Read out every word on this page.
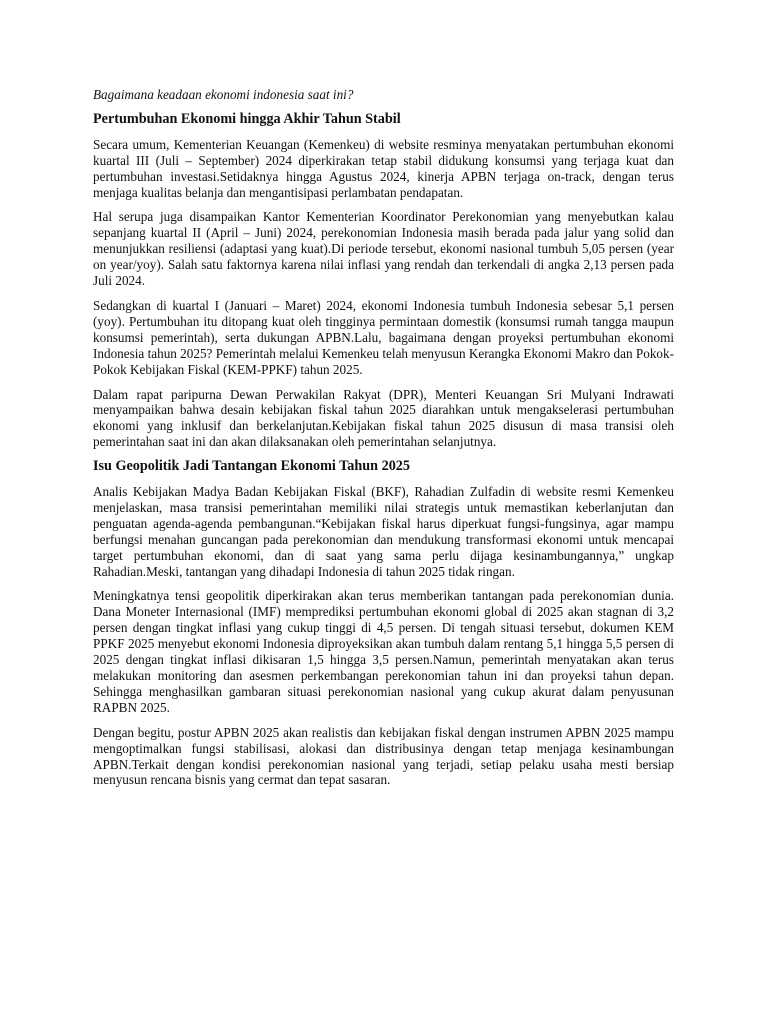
Bagaimana keadaan ekonomi indonesia saat ini?

Pertumbuhan Ekonomi hingga Akhir Tahun Stabil

Secara umum, Kementerian Keuangan (Kemenkeu) di website resminya menyatakan pertumbuhan ekonomi kuartal III (Juli – September) 2024 diperkirakan tetap stabil didukung konsumsi yang terjaga kuat dan pertumbuhan investasi.Setidaknya hingga Agustus 2024, kinerja APBN terjaga on-track, dengan terus menjaga kualitas belanja dan mengantisipasi perlambatan pendapatan.

Hal serupa juga disampaikan Kantor Kementerian Koordinator Perekonomian yang menyebutkan kalau sepanjang kuartal II (April – Juni) 2024, perekonomian Indonesia masih berada pada jalur yang solid dan menunjukkan resiliensi (adaptasi yang kuat).Di periode tersebut, ekonomi nasional tumbuh 5,05 persen (year on year/yoy). Salah satu faktornya karena nilai inflasi yang rendah dan terkendali di angka 2,13 persen pada Juli 2024.

Sedangkan di kuartal I (Januari – Maret) 2024, ekonomi Indonesia tumbuh Indonesia sebesar 5,1 persen (yoy). Pertumbuhan itu ditopang kuat oleh tingginya permintaan domestik (konsumsi rumah tangga maupun konsumsi pemerintah), serta dukungan APBN.Lalu, bagaimana dengan proyeksi pertumbuhan ekonomi Indonesia tahun 2025? Pemerintah melalui Kemenkeu telah menyusun Kerangka Ekonomi Makro dan Pokok-Pokok Kebijakan Fiskal (KEM-PPKF) tahun 2025.

Dalam rapat paripurna Dewan Perwakilan Rakyat (DPR), Menteri Keuangan Sri Mulyani Indrawati menyampaikan bahwa desain kebijakan fiskal tahun 2025 diarahkan untuk mengakselerasi pertumbuhan ekonomi yang inklusif dan berkelanjutan.Kebijakan fiskal tahun 2025 disusun di masa transisi oleh pemerintahan saat ini dan akan dilaksanakan oleh pemerintahan selanjutnya.

Isu Geopolitik Jadi Tantangan Ekonomi Tahun 2025

Analis Kebijakan Madya Badan Kebijakan Fiskal (BKF), Rahadian Zulfadin di website resmi Kemenkeu menjelaskan, masa transisi pemerintahan memiliki nilai strategis untuk memastikan keberlanjutan dan penguatan agenda-agenda pembangunan.“Kebijakan fiskal harus diperkuat fungsi-fungsinya, agar mampu berfungsi menahan guncangan pada perekonomian dan mendukung transformasi ekonomi untuk mencapai target pertumbuhan ekonomi, dan di saat yang sama perlu dijaga kesinambungannya,” ungkap Rahadian.Meski, tantangan yang dihadapi Indonesia di tahun 2025 tidak ringan.

Meningkatnya tensi geopolitik diperkirakan akan terus memberikan tantangan pada perekonomian dunia. Dana Moneter Internasional (IMF) memprediksi pertumbuhan ekonomi global di 2025 akan stagnan di 3,2 persen dengan tingkat inflasi yang cukup tinggi di 4,5 persen. Di tengah situasi tersebut, dokumen KEM PPKF 2025 menyebut ekonomi Indonesia diproyeksikan akan tumbuh dalam rentang 5,1 hingga 5,5 persen di 2025 dengan tingkat inflasi dikisaran 1,5 hingga 3,5 persen.Namun, pemerintah menyatakan akan terus melakukan monitoring dan asesmen perkembangan perekonomian tahun ini dan proyeksi tahun depan. Sehingga menghasilkan gambaran situasi perekonomian nasional yang cukup akurat dalam penyusunan RAPBN 2025.

Dengan begitu, postur APBN 2025 akan realistis dan kebijakan fiskal dengan instrumen APBN 2025 mampu mengoptimalkan fungsi stabilisasi, alokasi dan distribusinya dengan tetap menjaga kesinambungan APBN.Terkait dengan kondisi perekonomian nasional yang terjadi, setiap pelaku usaha mesti bersiap menyusun rencana bisnis yang cermat dan tepat sasaran.
